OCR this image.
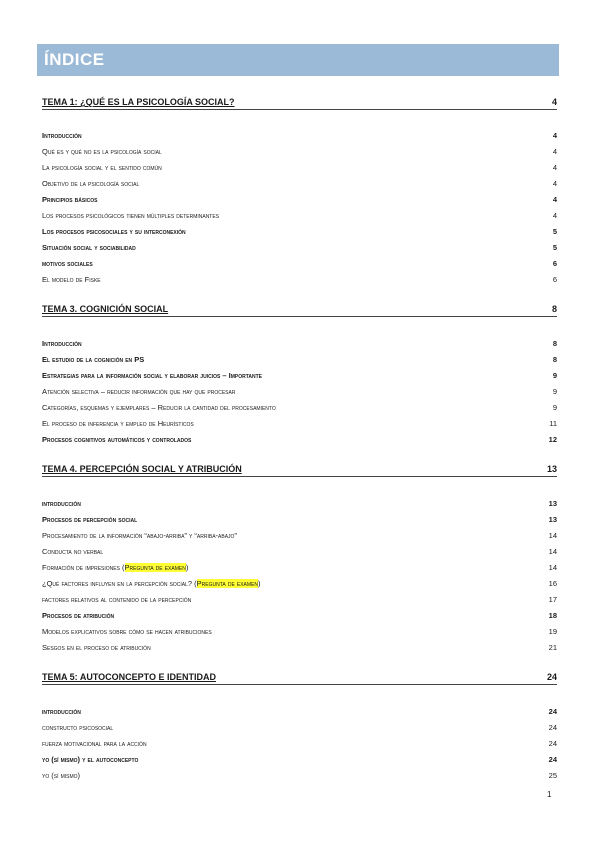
ÍNDICE
TEMA 1: ¿QUÉ ES LA PSICOLOGÍA SOCIAL?	4
Introducción	4
Qué es y qué no es la psicología social	4
La psicología social y el sentido común	4
Objetivo de la psicología social	4
Principios básicos	4
Los procesos psicológicos tienen múltiples determinantes	4
Los procesos psicosociales y su interconexión	5
Situación social y sociabilidad	5
motivos sociales	6
El modelo de Fiske	6
TEMA 3. COGNICIÓN SOCIAL	8
Introducción	8
El estudio de la cognición en PS	8
Estrategias para la información social y elaborar juicios – Importante	9
Atención selectiva – reducir información que hay que procesar	9
Categorías, esquemas y ejemplares – Reducir la cantidad del procesamiento	9
El proceso de inferencia y empleo de Heurísticos	11
Procesos cognitivos automáticos y controlados	12
TEMA 4. PERCEPCIÓN SOCIAL Y ATRIBUCIÓN	13
introducción	13
Procesos de percepción social	13
Procesamiento de la información “abajo-arriba” y “arriba-abajo”	14
Conducta no verbal	14
Formación de impresiones (Pregunta de examen)	14
¿Qué factores influyen en la percepción social? (Pregunta de examen)	16
factores relativos al contenido de la percepción	17
Procesos de atribución	18
Modelos explicativos sobre cómo se hacen atribuciones	19
Sesgos en el proceso de atribución	21
TEMA 5: AUTOCONCEPTO E IDENTIDAD	24
introducción	24
constructo psicosocial	24
fuerza motivacional para la acción	24
yo (sí mismo) y el autoconcepto	24
yo (sí mismo)	25
1
